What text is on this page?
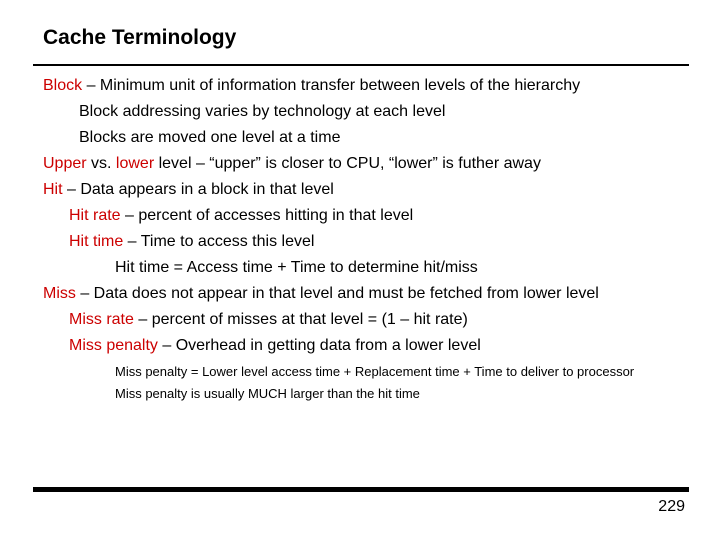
Cache Terminology
Block – Minimum unit of information transfer between levels of the hierarchy
Block addressing varies by technology at each level
Blocks are moved one level at a time
Upper vs. lower level – “upper” is closer to CPU, “lower” is futher away
Hit – Data appears in a block in that level
Hit rate – percent of accesses hitting in that level
Hit time – Time to access this level
Hit time = Access time + Time to determine hit/miss
Miss – Data does not appear in that level and must be fetched from lower level
Miss rate – percent of misses at that level = (1 – hit rate)
Miss penalty – Overhead in getting data from a lower level
Miss penalty = Lower level access time + Replacement time + Time to deliver to processor
Miss penalty is usually MUCH larger than the hit time
229
